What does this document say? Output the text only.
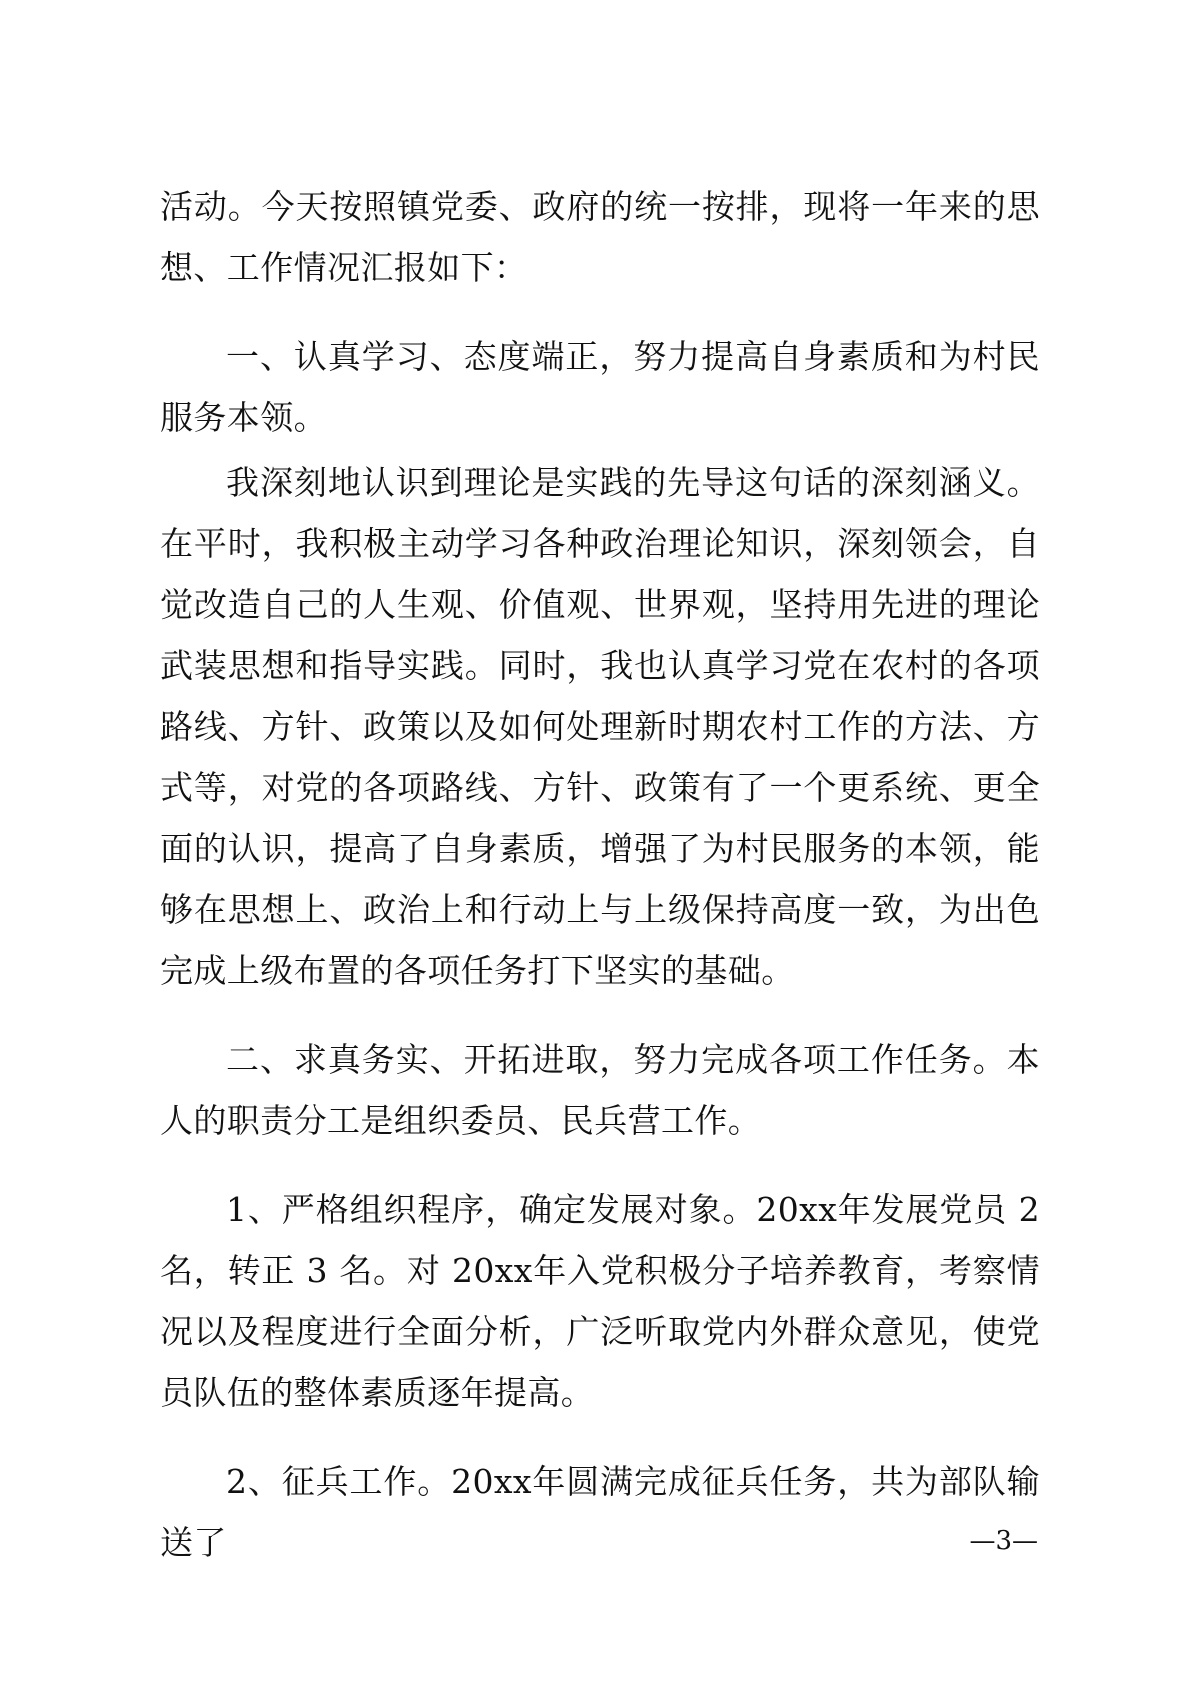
活动。今天按照镇党委、政府的统一按排，现将一年来的思想、工作情况汇报如下：

一、认真学习、态度端正，努力提高自身素质和为村民服务本领。

我深刻地认识到理论是实践的先导这句话的深刻涵义。在平时，我积极主动学习各种政治理论知识，深刻领会，自觉改造自己的人生观、价值观、世界观，坚持用先进的理论武装思想和指导实践。同时，我也认真学习党在农村的各项路线、方针、政策以及如何处理新时期农村工作的方法、方式等，对党的各项路线、方针、政策有了一个更系统、更全面的认识，提高了自身素质，增强了为村民服务的本领，能够在思想上、政治上和行动上与上级保持高度一致，为出色完成上级布置的各项任务打下坚实的基础。

二、求真务实、开拓进取，努力完成各项工作任务。本人的职责分工是组织委员、民兵营工作。

1、严格组织程序，确定发展对象。20xx年发展党员 2 名，转正 3 名。对 20xx年入党积极分子培养教育，考察情况以及程度进行全面分析，广泛听取党内外群众意见，使党员队伍的整体素质逐年提高。

2、征兵工作。20xx年圆满完成征兵任务，共为部队输送了	—3—
